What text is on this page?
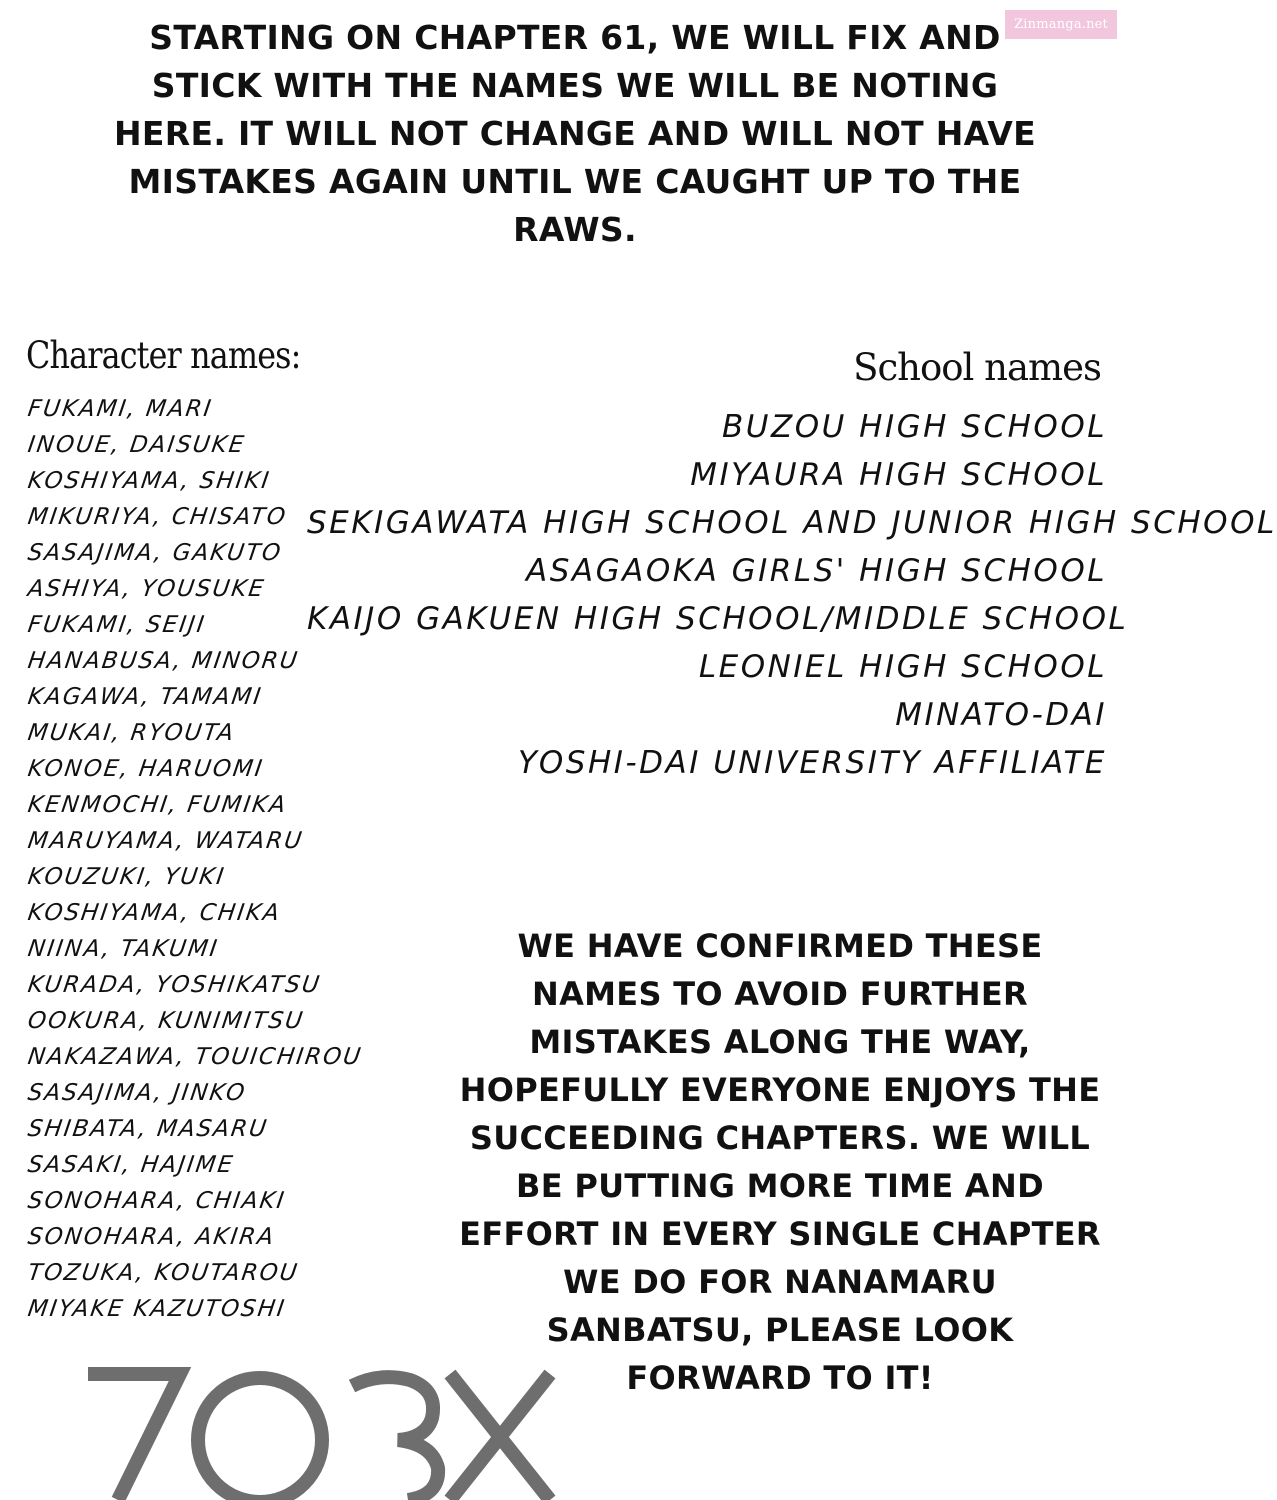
Zinmanga.net
STARTING ON CHAPTER 61, WE WILL FIX AND STICK WITH THE NAMES WE WILL BE NOTING HERE. IT WILL NOT CHANGE AND WILL NOT HAVE MISTAKES AGAIN UNTIL WE CAUGHT UP TO THE RAWS.
Character names:
FUKAMI, MARI
INOUE, DAISUKE
KOSHIYAMA, SHIKI
MIKURIYA, CHISATO
SASAJIMA, GAKUTO
ASHIYA, YOUSUKE
FUKAMI, SEIJI
HANABUSA, MINORU
KAGAWA, TAMAMI
MUKAI, RYOUTA
KONOE, HARUOMI
KENMOCHI, FUMIKA
MARUYAMA, WATARU
KOUZUKI, YUKI
KOSHIYAMA, CHIKA
NIINA, TAKUMI
KURADA, YOSHIKATSU
OOKURA, KUNIMITSU
NAKAZAWA, TOUICHIROU
SASAJIMA, JINKO
SHIBATA, MASARU
SASAKI, HAJIME
SONOHARA, CHIAKI
SONOHARA, AKIRA
TOZUKA, KOUTAROU
MIYAKE KAZUTOSHI
School names
BUZOU HIGH SCHOOL
MIYAURA HIGH SCHOOL
SEKIGAWATA HIGH SCHOOL AND JUNIOR HIGH SCHOOL
ASAGAOKA GIRLS' HIGH SCHOOL
KAIJO GAKUEN HIGH SCHOOL/MIDDLE SCHOOL
LEONIEL HIGH SCHOOL
MINATO-DAI
YOSHI-DAI UNIVERSITY AFFILIATE
WE HAVE CONFIRMED THESE NAMES TO AVOID FURTHER MISTAKES ALONG THE WAY, HOPEFULLY EVERYONE ENJOYS THE SUCCEEDING CHAPTERS. WE WILL BE PUTTING MORE TIME AND EFFORT IN EVERY SINGLE CHAPTER WE DO FOR NANAMARU SANBATSU, PLEASE LOOK FORWARD TO IT!
